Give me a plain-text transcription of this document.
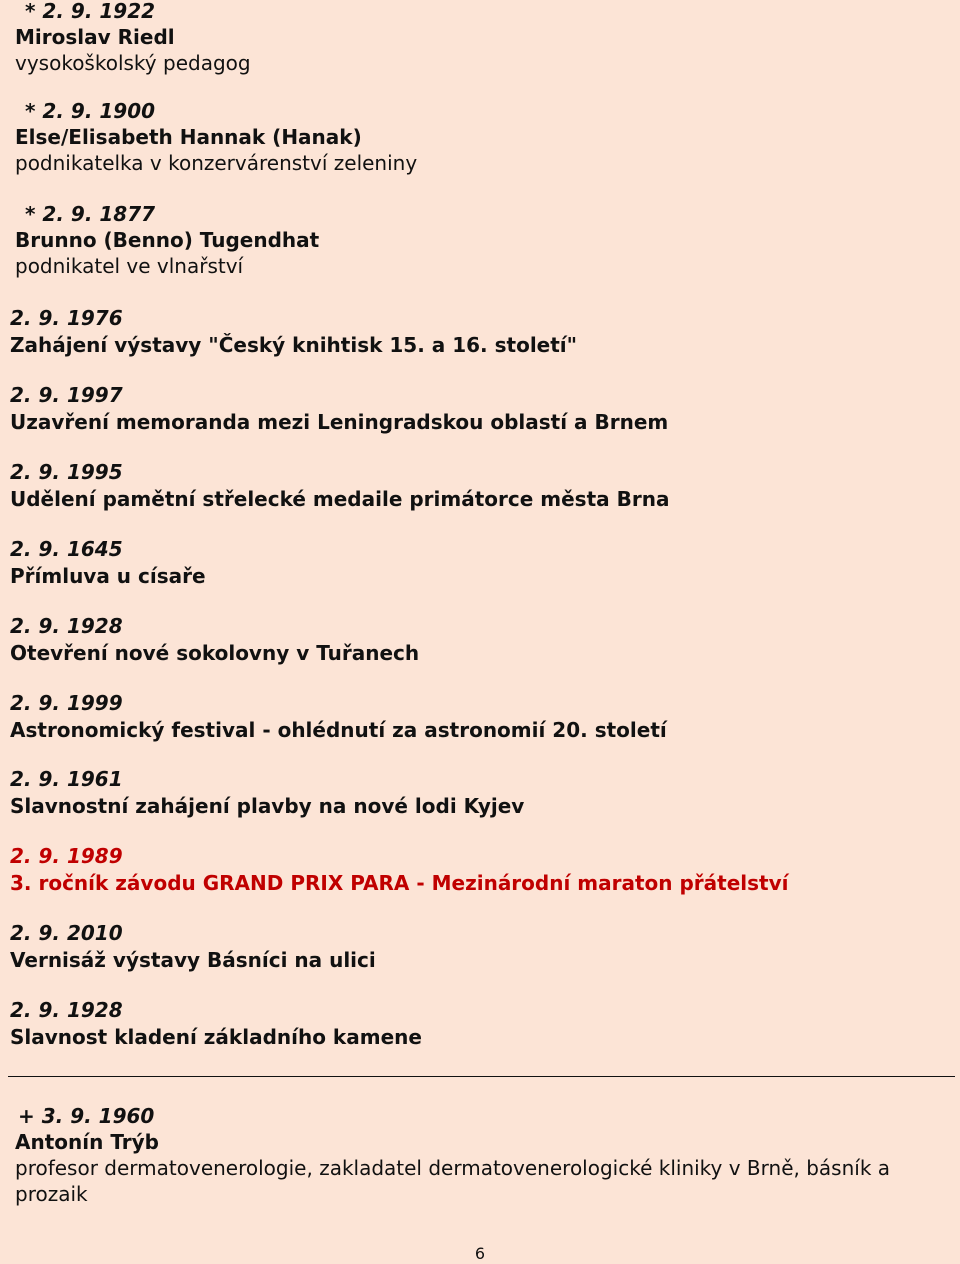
* 2. 9. 1922
Miroslav Riedl
vysokoškolský pedagog
* 2. 9. 1900
Else/Elisabeth Hannak (Hanak)
podnikatelka v konzervárenství zeleniny
* 2. 9. 1877
Brunno (Benno) Tugendhat
podnikatel ve vlnařství
2. 9. 1976
Zahájení výstavy "Český knihtisk 15. a 16. století"
2. 9. 1997
Uzavření memoranda mezi Leningradskou oblastí a Brnem
2. 9. 1995
Udělení pamětní střelecké medaile primátorce města Brna
2. 9. 1645
Přímluva u císaře
2. 9. 1928
Otevření nové sokolovny v Tuřanech
2. 9. 1999
Astronomický festival - ohlédnutí za astronomií 20. století
2. 9. 1961
Slavnostní zahájení plavby na nové lodi Kyjev
2. 9. 1989
3. ročník závodu GRAND PRIX PARA - Mezinárodní maraton přátelství
2. 9. 2010
Vernisáž výstavy Básníci na ulici
2. 9. 1928
Slavnost kladení základního kamene
+ 3. 9. 1960
Antonín Trýb
profesor dermatovenerologie, zakladatel dermatovenerologické kliniky v Brně, básník a prozaik
6
